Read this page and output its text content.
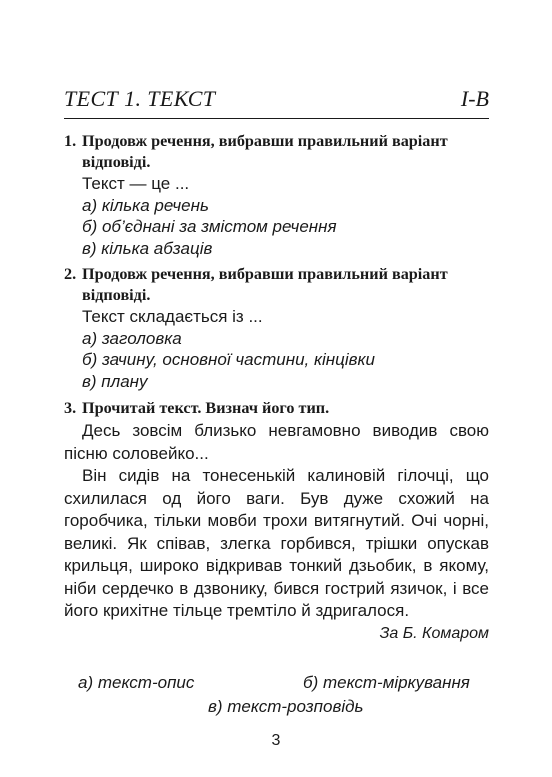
ТЕСТ 1. ТЕКСТ	I-В
1. Продовж речення, вибравши правильний варіант
відповіді.
Текст — це ...
а) кілька речень
б) об’єднані за змістом речення
в) кілька абзаців
2. Продовж речення, вибравши правильний варіант
відповіді.
Текст складається із ...
а) заголовка
б) зачину, основної частини, кінцівки
в) плану
3. Прочитай текст. Визнач його тип.
Десь зовсім близько невгамовно виводив свою пісню соловейко...
Він сидів на тонесенькій калиновій гілочці, що схилилася од його ваги. Був дуже схожий на горобчика, тільки мовби трохи витягнутий. Очі чорні, великі. Як співав, злегка горбився, трішки опускав крильця, широко відкривав тонкий дзьобик, в якому, ніби сердечко в дзвонику, бився гострий язичок, і все його крихітне тільце тремтіло й здригалося.
За Б. Комаром
а) текст-опис	б) текст-міркування
в) текст-розповідь
3
